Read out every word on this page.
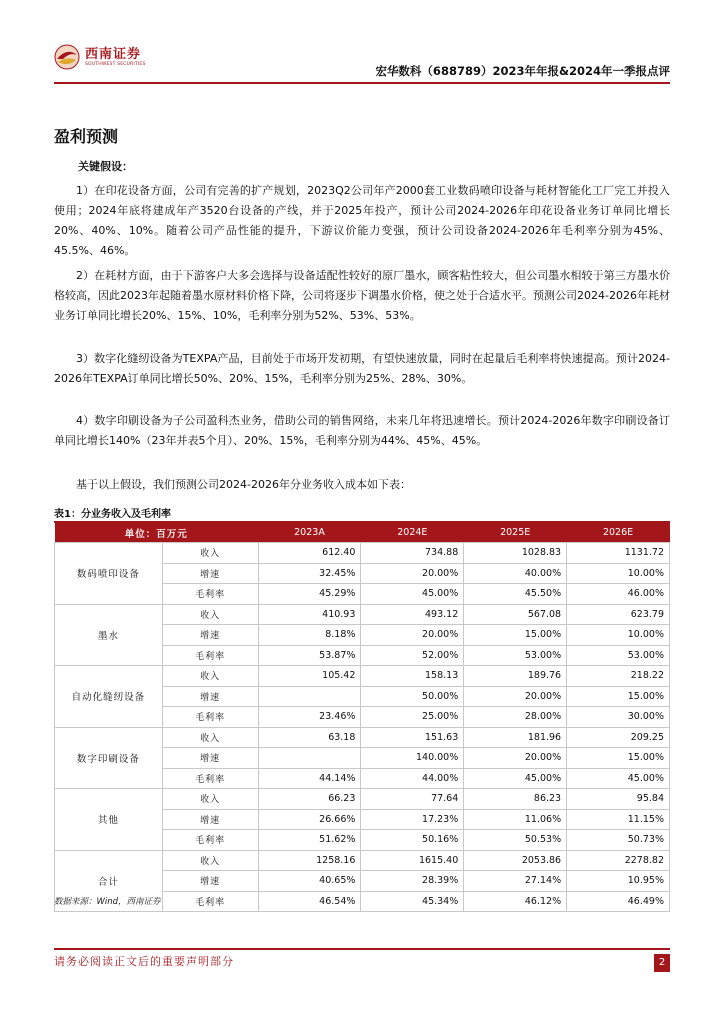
西南证券
SOUTHWEST SECURITIES	宏华数科（688789）2023年年报&2024年一季报点评
盈利预测
关键假设：
1）在印花设备方面，公司有完善的扩产规划，2023Q2公司年产2000套工业数码喷印设备与耗材智能化工厂完工并投入使用；2024年底将建成年产3520台设备的产线，并于2025年投产，预计公司2024-2026年印花设备业务订单同比增长20%、40%、10%。随着公司产品性能的提升，下游议价能力变强，预计公司设备2024-2026年毛利率分别为45%、45.5%、46%。
2）在耗材方面，由于下游客户大多会选择与设备适配性较好的原厂墨水，顾客粘性较大，但公司墨水相较于第三方墨水价格较高，因此2023年起随着墨水原材料价格下降，公司将逐步下调墨水价格，使之处于合适水平。预测公司2024-2026年耗材业务订单同比增长20%、15%、10%，毛利率分别为52%、53%、53%。
3）数字化缝纫设备为TEXPA产品，目前处于市场开发初期，有望快速放量，同时在起量后毛利率将快速提高。预计2024-2026年TEXPA订单同比增长50%、20%、15%，毛利率分别为25%、28%、30%。
4）数字印刷设备为子公司盈科杰业务，借助公司的销售网络，未来几年将迅速增长。预计2024-2026年数字印刷设备订单同比增长140%（23年并表5个月）、20%、15%，毛利率分别为44%、45%、45%。
基于以上假设，我们预测公司2024-2026年分业务收入成本如下表：
表1：分业务收入及毛利率
单位：百万元		2023A	2024E	2025E	2026E
数码喷印设备	收入	612.40	734.88	1028.83	1131.72
	增速	32.45%	20.00%	40.00%	10.00%
	毛利率	45.29%	45.00%	45.50%	46.00%
墨水	收入	410.93	493.12	567.08	623.79
	增速	8.18%	20.00%	15.00%	10.00%
	毛利率	53.87%	52.00%	53.00%	53.00%
自动化缝纫设备	收入	105.42	158.13	189.76	218.22
	增速		50.00%	20.00%	15.00%
	毛利率	23.46%	25.00%	28.00%	30.00%
数字印刷设备	收入	63.18	151.63	181.96	209.25
	增速		140.00%	20.00%	15.00%
	毛利率	44.14%	44.00%	45.00%	45.00%
其他	收入	66.23	77.64	86.23	95.84
	增速	26.66%	17.23%	11.06%	11.15%
	毛利率	51.62%	50.16%	50.53%	50.73%
合计	收入	1258.16	1615.40	2053.86	2278.82
	增速	40.65%	28.39%	27.14%	10.95%
	毛利率	46.54%	45.34%	46.12%	46.49%
数据来源：Wind，西南证券
请务必阅读正文后的重要声明部分	2
